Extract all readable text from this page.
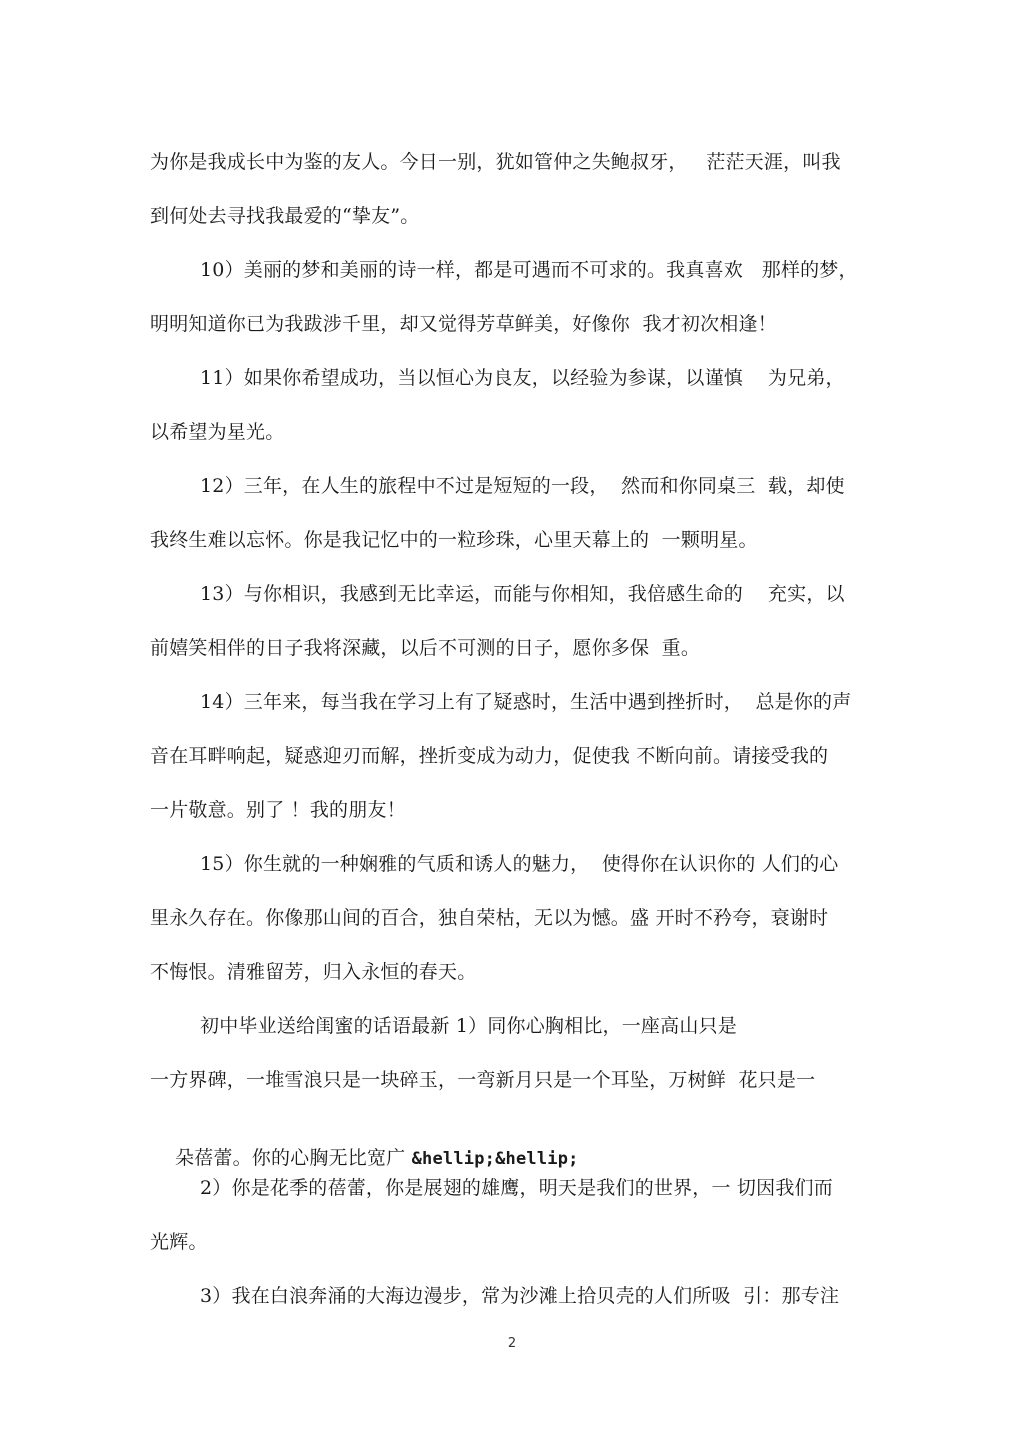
为你是我成长中为鉴的友人。今日一别，犹如管仲之失鲍叔牙，   茫茫天涯，叫我
到何处去寻找我最爱的“挚友”。
10）美丽的梦和美丽的诗一样，都是可遇而不可求的。我真喜欢   那样的梦，
明明知道你已为我跋涉千里，却又觉得芳草鲜美，好像你  我才初次相逢！
11）如果你希望成功，当以恒心为良友，以经验为参谋，以谨慎    为兄弟，
以希望为星光。
12）三年，在人生的旅程中不过是短短的一段，  然而和你同桌三  载，却使
我终生难以忘怀。你是我记忆中的一粒珍珠，心里天幕上的  一颗明星。
13）与你相识，我感到无比幸运，而能与你相知，我倍感生命的    充实，以
前嬉笑相伴的日子我将深藏，以后不可测的日子，愿你多保  重。
14）三年来，每当我在学习上有了疑惑时，生活中遇到挫折时，  总是你的声
音在耳畔响起，疑惑迎刃而解，挫折变成为动力，促使我 不断向前。请接受我的
一片敬意。别了 ！我的朋友！
15）你生就的一种娴雅的气质和诱人的魅力，  使得你在认识你的 人们的心
里永久存在。你像那山间的百合，独自荣枯，无以为憾。盛 开时不矜夸，衰谢时
不悔恨。清雅留芳，归入永恒的春天。
初中毕业送给闺蜜的话语最新 1）同你心胸相比，一座高山只是
一方界碑，一堆雪浪只是一块碎玉，一弯新月只是一个耳坠，万树鲜  花只是一

朵蓓蕾。你的心胸无比宽广 &hellip;&hellip;

2）你是花季的蓓蕾，你是展翅的雄鹰，明天是我们的世界，一 切因我们而
光辉。
3）我在白浪奔涌的大海边漫步，常为沙滩上拾贝壳的人们所吸  引：那专注
2
